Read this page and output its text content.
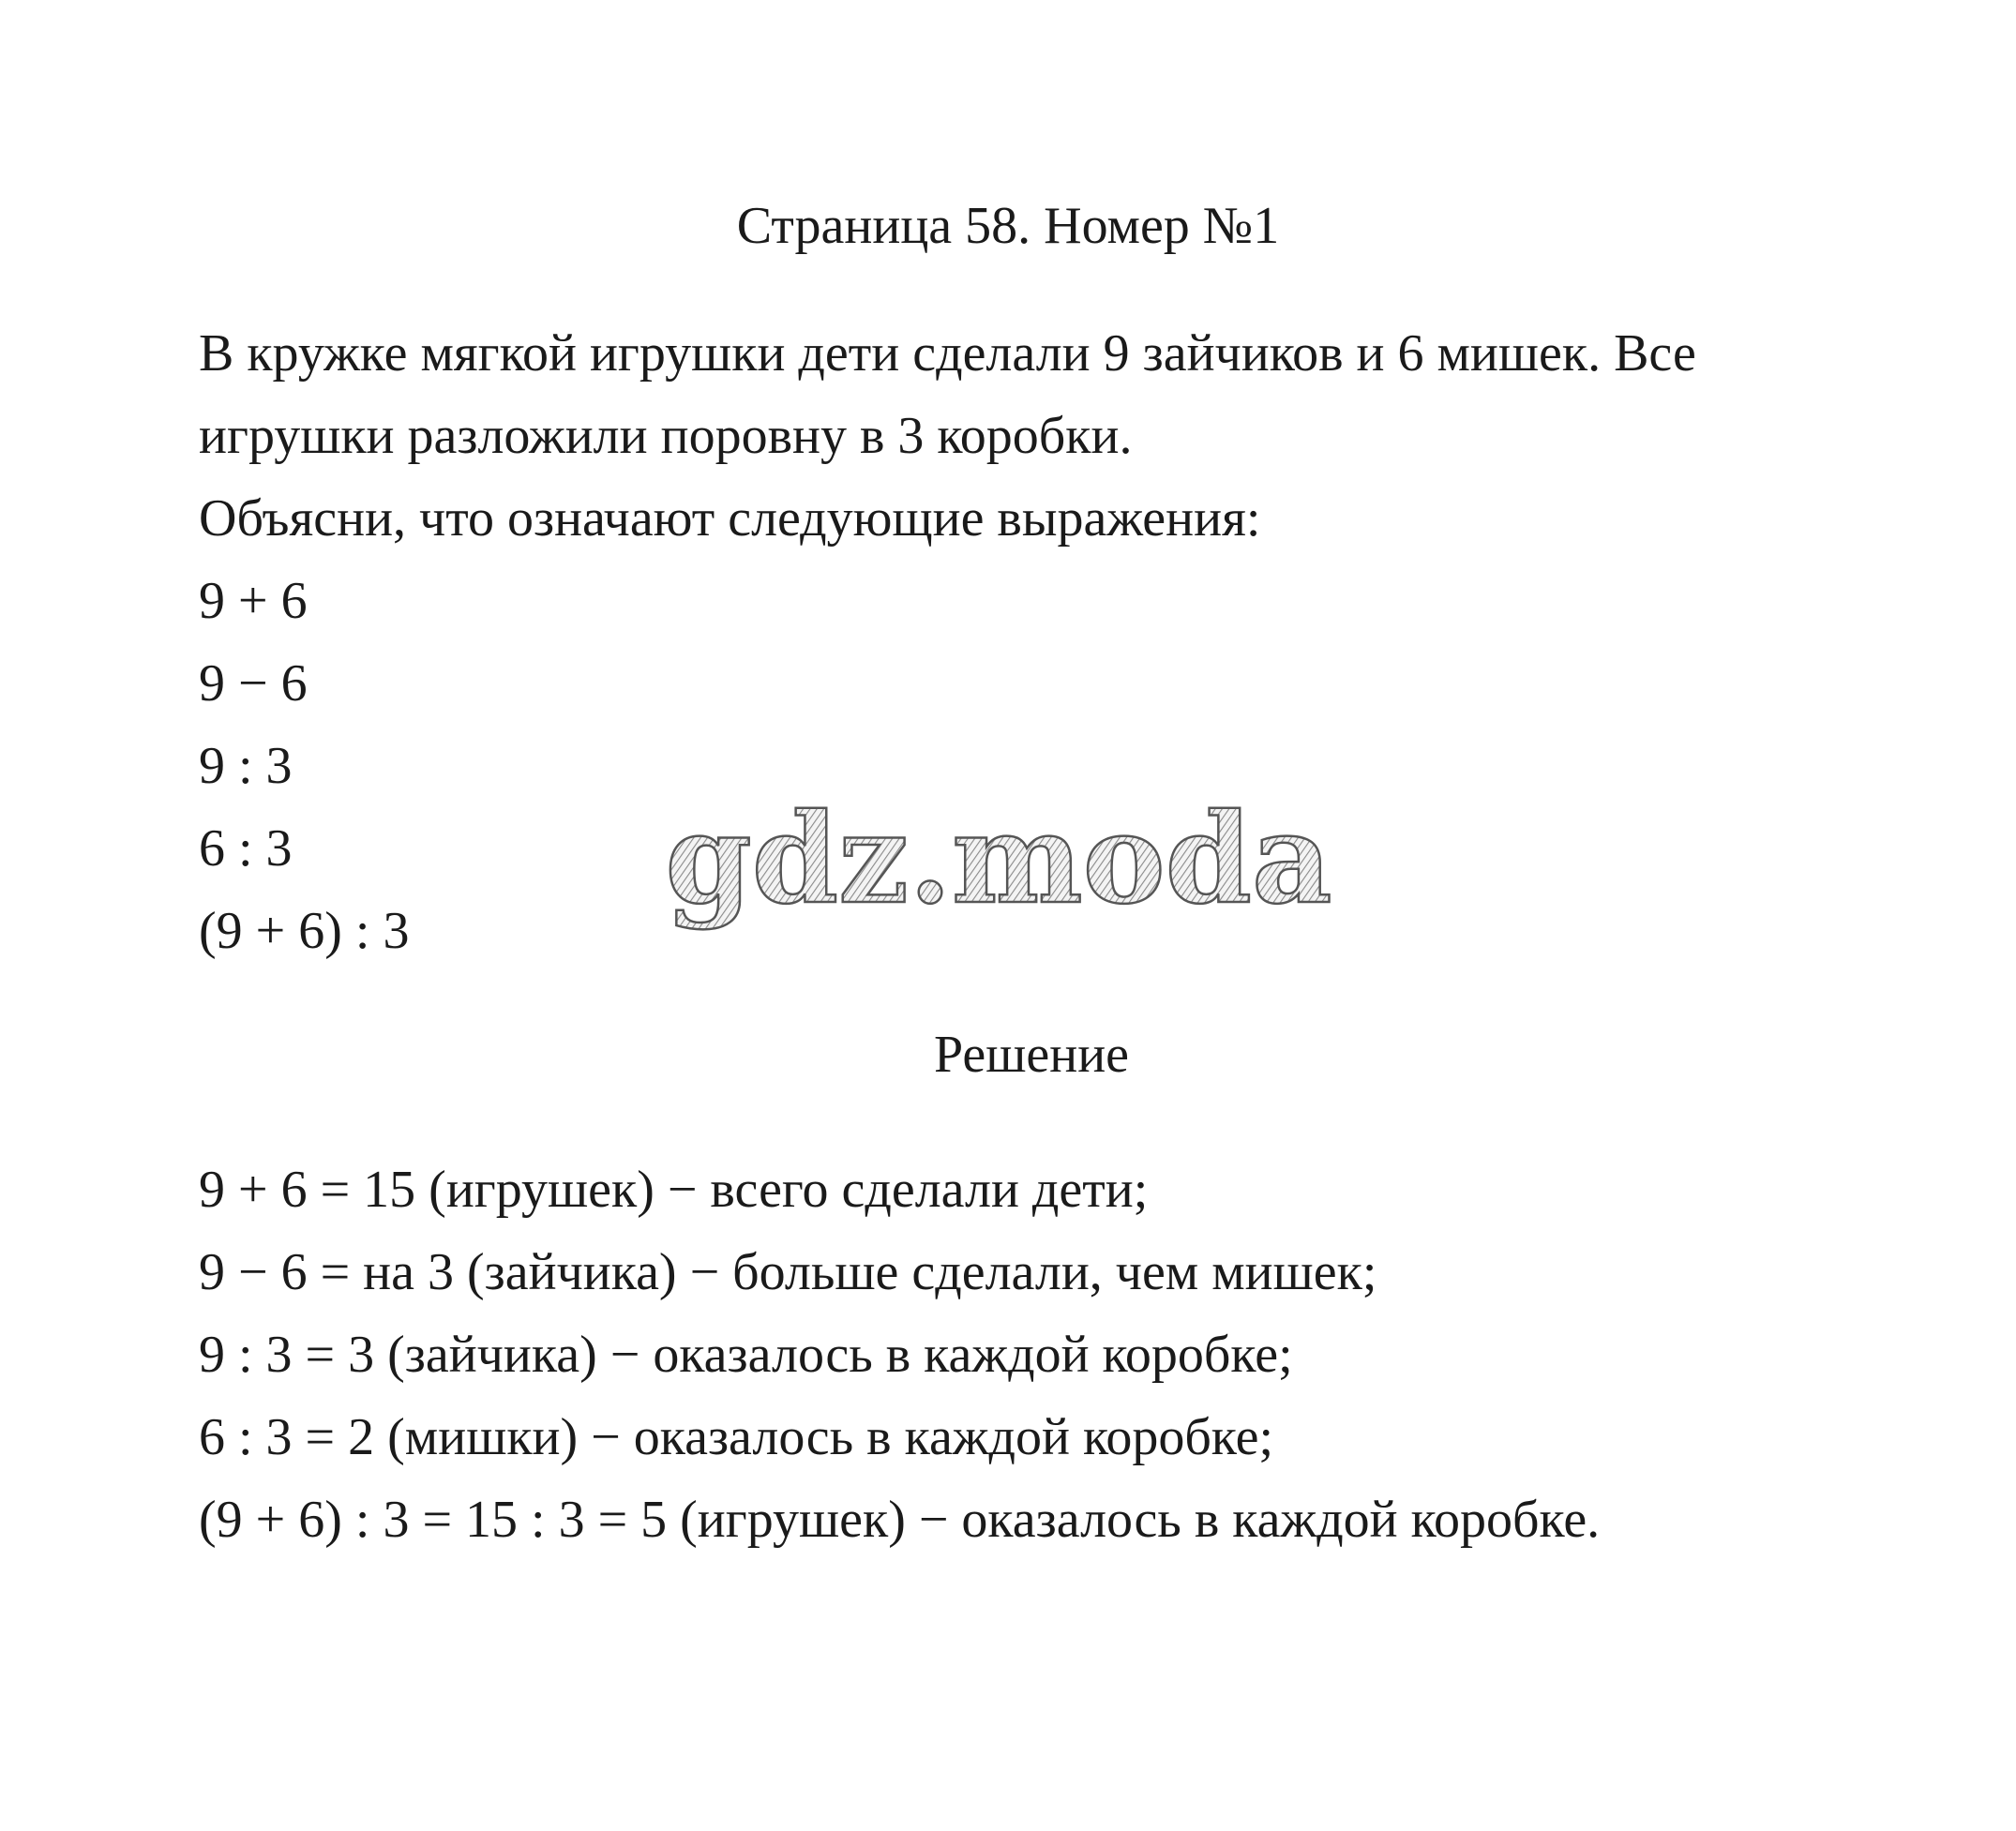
Страница 58. Номер №1

В кружке мягкой игрушки дети сделали 9 зайчиков и 6 мишек. Все

игрушки разложили поровну в 3 коробки.

Объясни, что означают следующие выражения:

9 + 6
9 − 6
9 : 3
6 : 3
(9 + 6) : 3	gdz.moda
Решение
9 + 6 = 15 (игрушек) − всего сделали дети;
9 − 6 = на 3 (зайчика) − больше сделали, чем мишек;
9 : 3 = 3 (зайчика) − оказалось в каждой коробке;
6 : 3 = 2 (мишки) − оказалось в каждой коробке;
(9 + 6) : 3 = 15 : 3 = 5 (игрушек) − оказалось в каждой коробке.
